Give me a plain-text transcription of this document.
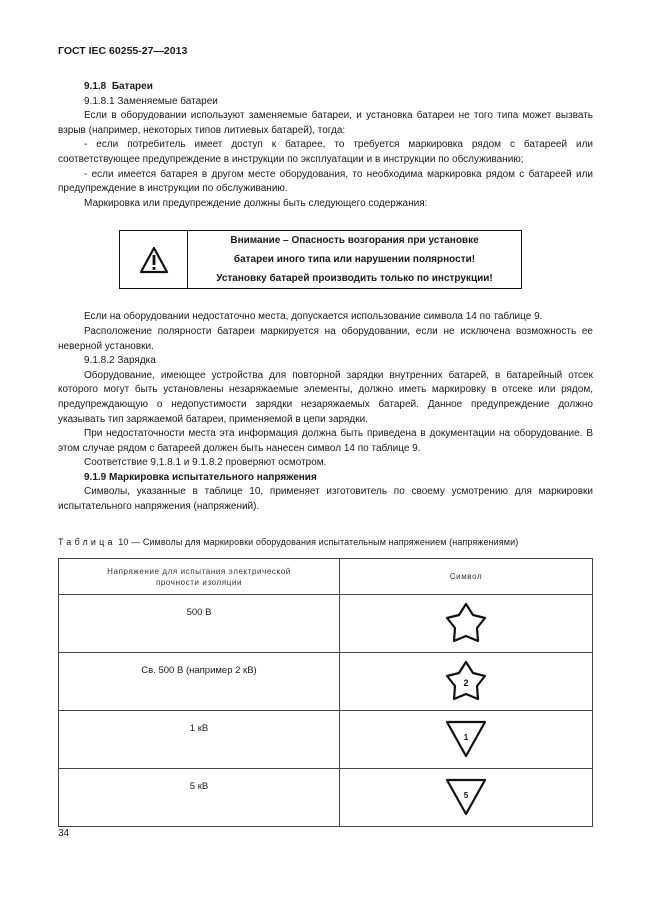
ГОСТ IEC 60255-27—2013

9.1.8 Батареи

9.1.8.1 Заменяемые батареи

Если в оборудовании используют заменяемые батареи, и установка батареи не того типа может вызвать взрыв (например, некоторых типов литиевых батарей), тогда:

- если потребитель имеет доступ к батарее, то требуется маркировка рядом с батареей или соответствующее предупреждение в инструкции по эксплуатации и в инструкции по обслуживанию;

- если имеется батарея в другом месте оборудования, то необходима маркировка рядом с батареей или предупреждение в инструкции по обслуживанию.

Маркировка или предупреждение должны быть следующего содержания:

Внимание – Опасность возгорания при установке
батареи иного типа или нарушении полярности!
Установку батарей производить только по инструкции!

Если на оборудовании недостаточно места, допускается использование символа 14 по таблице 9.

Расположение полярности батареи маркируется на оборудовании, если не исключена возможность ее неверной установки.

9.1.8.2 Зарядка

Оборудование, имеющее устройства для повторной зарядки внутренних батарей, в батарейный отсек которого могут быть установлены незаряжаемые элементы, должно иметь маркировку в отсеке или рядом, предупреждающую о недопустимости зарядки незаряжаемых батарей. Данное предупреждение должно указывать тип заряжаемой батареи, применяемой в цепи зарядки.

При недостаточности места эта информация должна быть приведена в документации на оборудование. В этом случае рядом с батареей должен быть нанесен символ 14 по таблице 9.

Соответствие 9.1.8.1 и 9.1.8.2 проверяют осмотром.

9.1.9 Маркировка испытательного напряжения

Символы, указанные в таблице 10, применяет изготовитель по своему усмотрению для маркировки испытательного напряжения (напряжений).

Таблица 10 — Символы для маркировки оборудования испытательным напряжением (напряжениями)
Напряжение для испытания электрической прочности изоляции	Символ
500 В	
Св. 500 В (например 2 кВ)	2

1 кВ	1

5 кВ	5
34
